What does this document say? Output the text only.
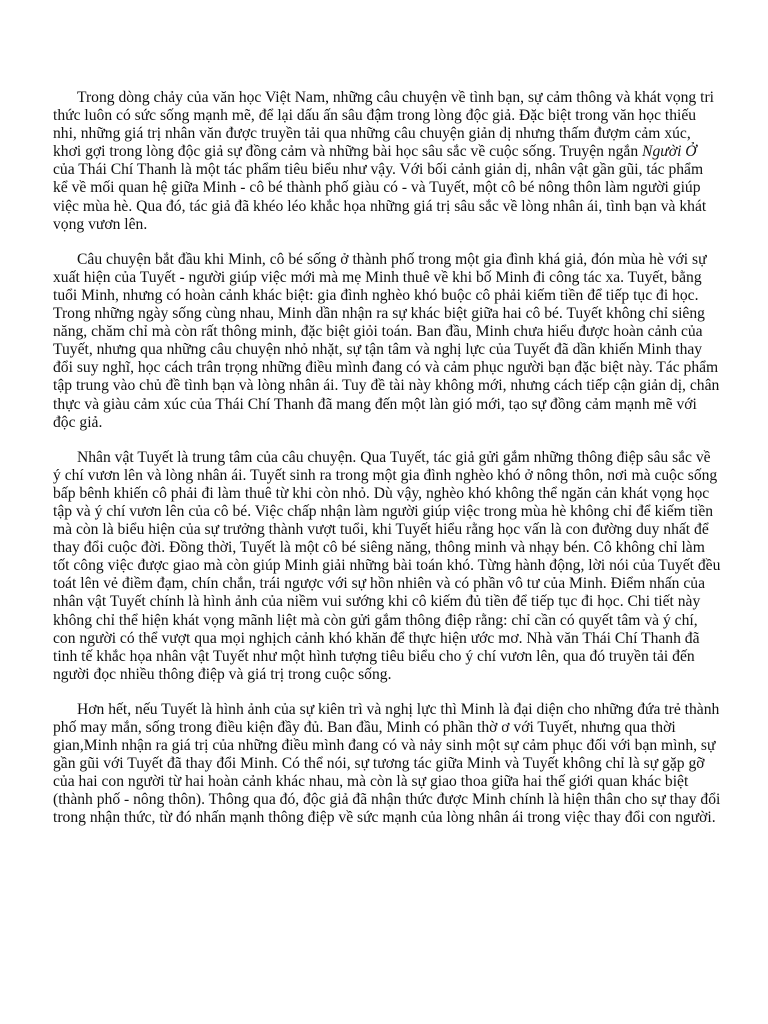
Trong dòng chảy của văn học Việt Nam, những câu chuyện về tình bạn, sự cảm thông và khát vọng tri thức luôn có sức sống mạnh mẽ, để lại dấu ấn sâu đậm trong lòng độc giả. Đặc biệt trong văn học thiếu nhi, những giá trị nhân văn được truyền tải qua những câu chuyện giản dị nhưng thấm đượm cảm xúc, khơi gợi trong lòng độc giả sự đồng cảm và những bài học sâu sắc về cuộc sống. Truyện ngắn Người Ở của Thái Chí Thanh là một tác phẩm tiêu biểu như vậy. Với bối cảnh giản dị, nhân vật gần gũi, tác phẩm kể về mối quan hệ giữa Minh - cô bé thành phố giàu có - và Tuyết, một cô bé nông thôn làm người giúp việc mùa hè. Qua đó, tác giả đã khéo léo khắc họa những giá trị sâu sắc về lòng nhân ái, tình bạn và khát vọng vươn lên.

Câu chuyện bắt đầu khi Minh, cô bé sống ở thành phố trong một gia đình khá giả, đón mùa hè với sự xuất hiện của Tuyết - người giúp việc mới mà mẹ Minh thuê về khi bố Minh đi công tác xa. Tuyết, bằng tuổi Minh, nhưng có hoàn cảnh khác biệt: gia đình nghèo khó buộc cô phải kiếm tiền để tiếp tục đi học. Trong những ngày sống cùng nhau, Minh dần nhận ra sự khác biệt giữa hai cô bé. Tuyết không chỉ siêng năng, chăm chỉ mà còn rất thông minh, đặc biệt giỏi toán. Ban đầu, Minh chưa hiểu được hoàn cảnh của Tuyết, nhưng qua những câu chuyện nhỏ nhặt, sự tận tâm và nghị lực của Tuyết đã dần khiến Minh thay đổi suy nghĩ, học cách trân trọng những điều mình đang có và cảm phục người bạn đặc biệt này. Tác phẩm tập trung vào chủ đề tình bạn và lòng nhân ái. Tuy đề tài này không mới, nhưng cách tiếp cận giản dị, chân thực và giàu cảm xúc của Thái Chí Thanh đã mang đến một làn gió mới, tạo sự đồng cảm mạnh mẽ với độc giả.

Nhân vật Tuyết là trung tâm của câu chuyện. Qua Tuyết, tác giả gửi gắm những thông điệp sâu sắc về ý chí vươn lên và lòng nhân ái. Tuyết sinh ra trong một gia đình nghèo khó ở nông thôn, nơi mà cuộc sống bấp bênh khiến cô phải đi làm thuê từ khi còn nhỏ. Dù vậy, nghèo khó không thể ngăn cản khát vọng học tập và ý chí vươn lên của cô bé. Việc chấp nhận làm người giúp việc trong mùa hè không chỉ để kiếm tiền mà còn là biểu hiện của sự trưởng thành vượt tuổi, khi Tuyết hiểu rằng học vấn là con đường duy nhất để thay đổi cuộc đời. Đồng thời, Tuyết là một cô bé siêng năng, thông minh và nhạy bén. Cô không chỉ làm tốt công việc được giao mà còn giúp Minh giải những bài toán khó. Từng hành động, lời nói của Tuyết đều toát lên vẻ điềm đạm, chín chắn, trái ngược với sự hồn nhiên và có phần vô tư của Minh. Điểm nhấn của nhân vật Tuyết chính là hình ảnh của niềm vui sướng khi cô kiếm đủ tiền để tiếp tục đi học. Chi tiết này không chỉ thể hiện khát vọng mãnh liệt mà còn gửi gắm thông điệp rằng: chỉ cần có quyết tâm và ý chí, con người có thể vượt qua mọi nghịch cảnh khó khăn để thực hiện ước mơ. Nhà văn Thái Chí Thanh đã tinh tế khắc họa nhân vật Tuyết như một hình tượng tiêu biểu cho ý chí vươn lên, qua đó truyền tải đến người đọc nhiều thông điệp và giá trị trong cuộc sống.

Hơn hết, nếu Tuyết là hình ảnh của sự kiên trì và nghị lực thì Minh là đại diện cho những đứa trẻ thành phố may mắn, sống trong điều kiện đầy đủ. Ban đầu, Minh có phần thờ ơ với Tuyết, nhưng qua thời gian,Minh nhận ra giá trị của những điều mình đang có và nảy sinh một sự cảm phục đối với bạn mình, sự gần gũi với Tuyết đã thay đổi Minh. Có thể nói, sự tương tác giữa Minh và Tuyết không chỉ là sự gặp gỡ của hai con người từ hai hoàn cảnh khác nhau, mà còn là sự giao thoa giữa hai thế giới quan khác biệt (thành phố - nông thôn). Thông qua đó, độc giả đã nhận thức được Minh chính là hiện thân cho sự thay đổi trong nhận thức, từ đó nhấn mạnh thông điệp về sức mạnh của lòng nhân ái trong việc thay đổi con người.
